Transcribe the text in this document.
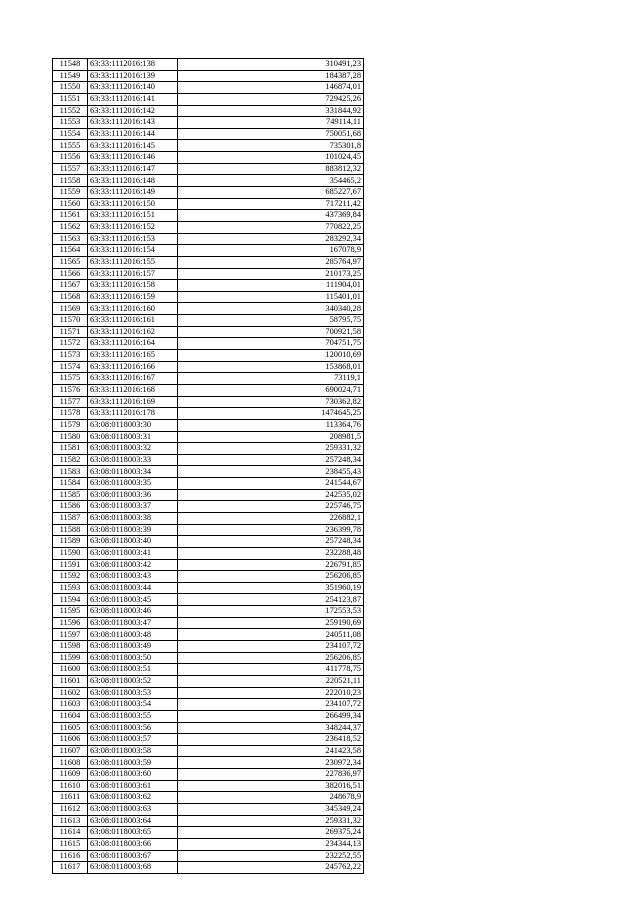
11548	63:33:1112016:138	310491,23
11549	63:33:1112016:139	184387,28
11550	63:33:1112016:140	146874,01
11551	63:33:1112016:141	729425,26
11552	63:33:1112016:142	331844,92
11553	63:33:1112016:143	749114,11
11554	63:33:1112016:144	750051,68
11555	63:33:1112016:145	735301,8
11556	63:33:1112016:146	101024,45
11557	63:33:1112016:147	883812,32
11558	63:33:1112016:148	354465,2
11559	63:33:1112016:149	685227,67
11560	63:33:1112016:150	717211,42
11561	63:33:1112016:151	437369,84
11562	63:33:1112016:152	770822,25
11563	63:33:1112016:153	283292,34
11564	63:33:1112016:154	167078,9
11565	63:33:1112016:155	285764,97
11566	63:33:1112016:157	210173,25
11567	63:33:1112016:158	111904,01
11568	63:33:1112016:159	115401,01
11569	63:33:1112016:160	340340,28
11570	63:33:1112016:161	58795,75
11571	63:33:1112016:162	700921,58
11572	63:33:1112016:164	704751,75
11573	63:33:1112016:165	120010,69
11574	63:33:1112016:166	153868,01
11575	63:33:1112016:167	73119,1
11576	63:33:1112016:168	690024,71
11577	63:33:1112016:169	730362,82
11578	63:33:1112016:178	1474645,25
11579	63:08:0118003:30	113364,76
11580	63:08:0118003:31	208981,5
11581	63:08:0118003:32	259331,32
11582	63:08:0118003:33	257248,34
11583	63:08:0118003:34	238455,43
11584	63:08:0118003:35	241544,67
11585	63:08:0118003:36	242535,02
11586	63:08:0118003:37	225746,75
11587	63:08:0118003:38	226882,1
11588	63:08:0118003:39	236399,78
11589	63:08:0118003:40	257248,34
11590	63:08:0118003:41	232288,48
11591	63:08:0118003:42	226791,85
11592	63:08:0118003:43	256206,85
11593	63:08:0118003:44	351960,19
11594	63:08:0118003:45	254123,87
11595	63:08:0118003:46	172553,53
11596	63:08:0118003:47	259190,69
11597	63:08:0118003:48	240511,08
11598	63:08:0118003:49	234107,72
11599	63:08:0118003:50	256206,85
11600	63:08:0118003:51	411778,75
11601	63:08:0118003:52	220521,11
11602	63:08:0118003:53	222010,23
11603	63:08:0118003:54	234107,72
11604	63:08:0118003:55	266499,34
11605	63:08:0118003:56	348244,37
11606	63:08:0118003:57	236418,52
11607	63:08:0118003:58	241423,58
11608	63:08:0118003:59	230972,34
11609	63:08:0118003:60	227836,97
11610	63:08:0118003:61	382016,51
11611	63:08:0118003:62	248678,9
11612	63:08:0118003:63	345349,24
11613	63:08:0118003:64	259331,32
11614	63:08:0118003:65	269375,24
11615	63:08:0118003:66	234344,13
11616	63:08:0118003:67	232252,55
11617	63:08:0118003:68	245762,22
